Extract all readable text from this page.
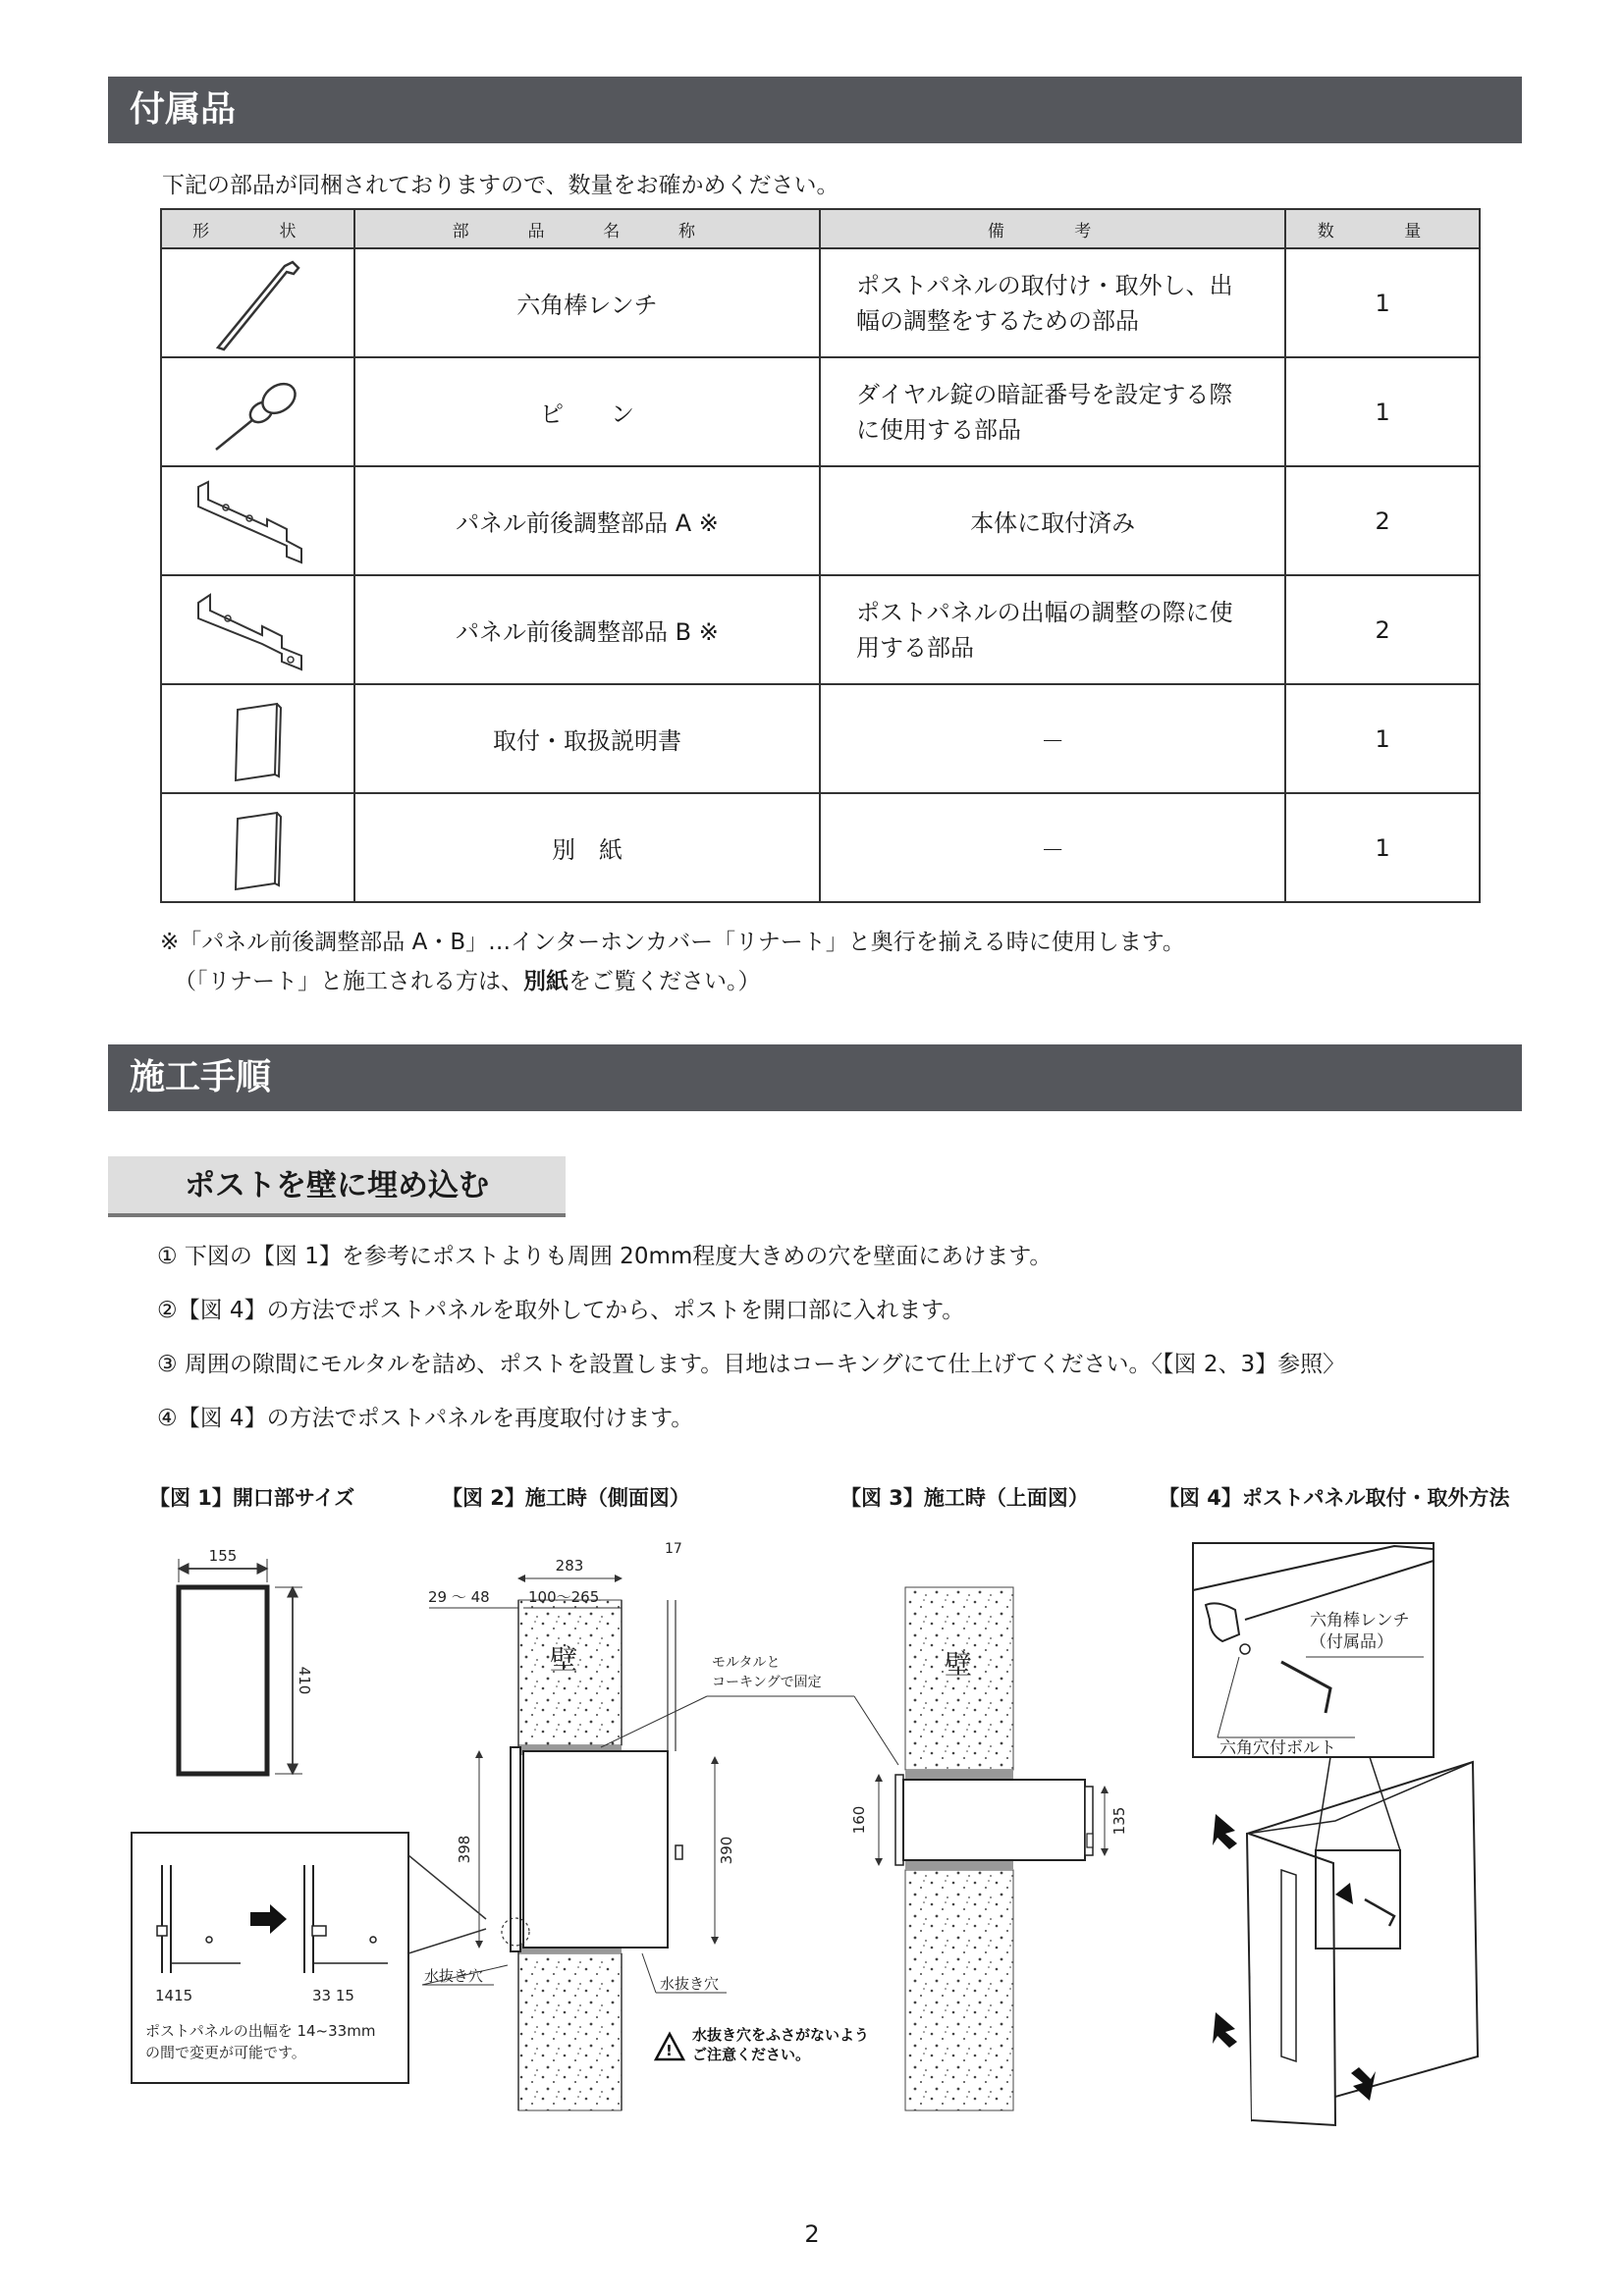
付属品
下記の部品が同梱されておりますので、数量をお確かめください。
形　状	部 品 名 称	備　考	数　量

	六角棒レンチ	ポストパネルの取付け・取外し、出
幅の調整をするための部品	1

	ピ　　ン	ダイヤル錠の暗証番号を設定する際
に使用する部品	1

	パネル前後調整部品 A ※	本体に取付済み	2

	パネル前後調整部品 B ※	ポストパネルの出幅の調整の際に使
用する部品	2

	取付・取扱説明書	－	1

	別　紙	－	1
※「パネル前後調整部品 A・B」…インターホンカバー「リナート」と奥行を揃える時に使用します。
（「リナート」と施工される方は、別紙をご覧ください。）
施工手順
ポストを壁に埋め込む
① 下図の【図 1】を参考にポストよりも周囲 20mm程度大きめの穴を壁面にあけます。
②【図 4】の方法でポストパネルを取外してから、ポストを開口部に入れます。
③ 周囲の隙間にモルタルを詰め、ポストを設置します。目地はコーキングにて仕上げてください。〈【図 2、3】参照〉
④【図 4】の方法でポストパネルを再度取付けます。
【図 1】開口部サイズ	【図 2】施工時（側面図）	【図 3】施工時（上面図）	【図 4】ポストパネル取付・取外方法
155
410
1415	33 15
ポストパネルの出幅を 14~33mm
の間で変更が可能です。
壁
283
17
29 ～ 48	100～265
398	390
モルタルと
コーキングで固定
水抜き穴	水抜き穴
!
水抜き穴をふさがないよう
ご注意ください。
壁
160	135
六角棒レンチ
（付属品）
六角穴付ボルト
2
